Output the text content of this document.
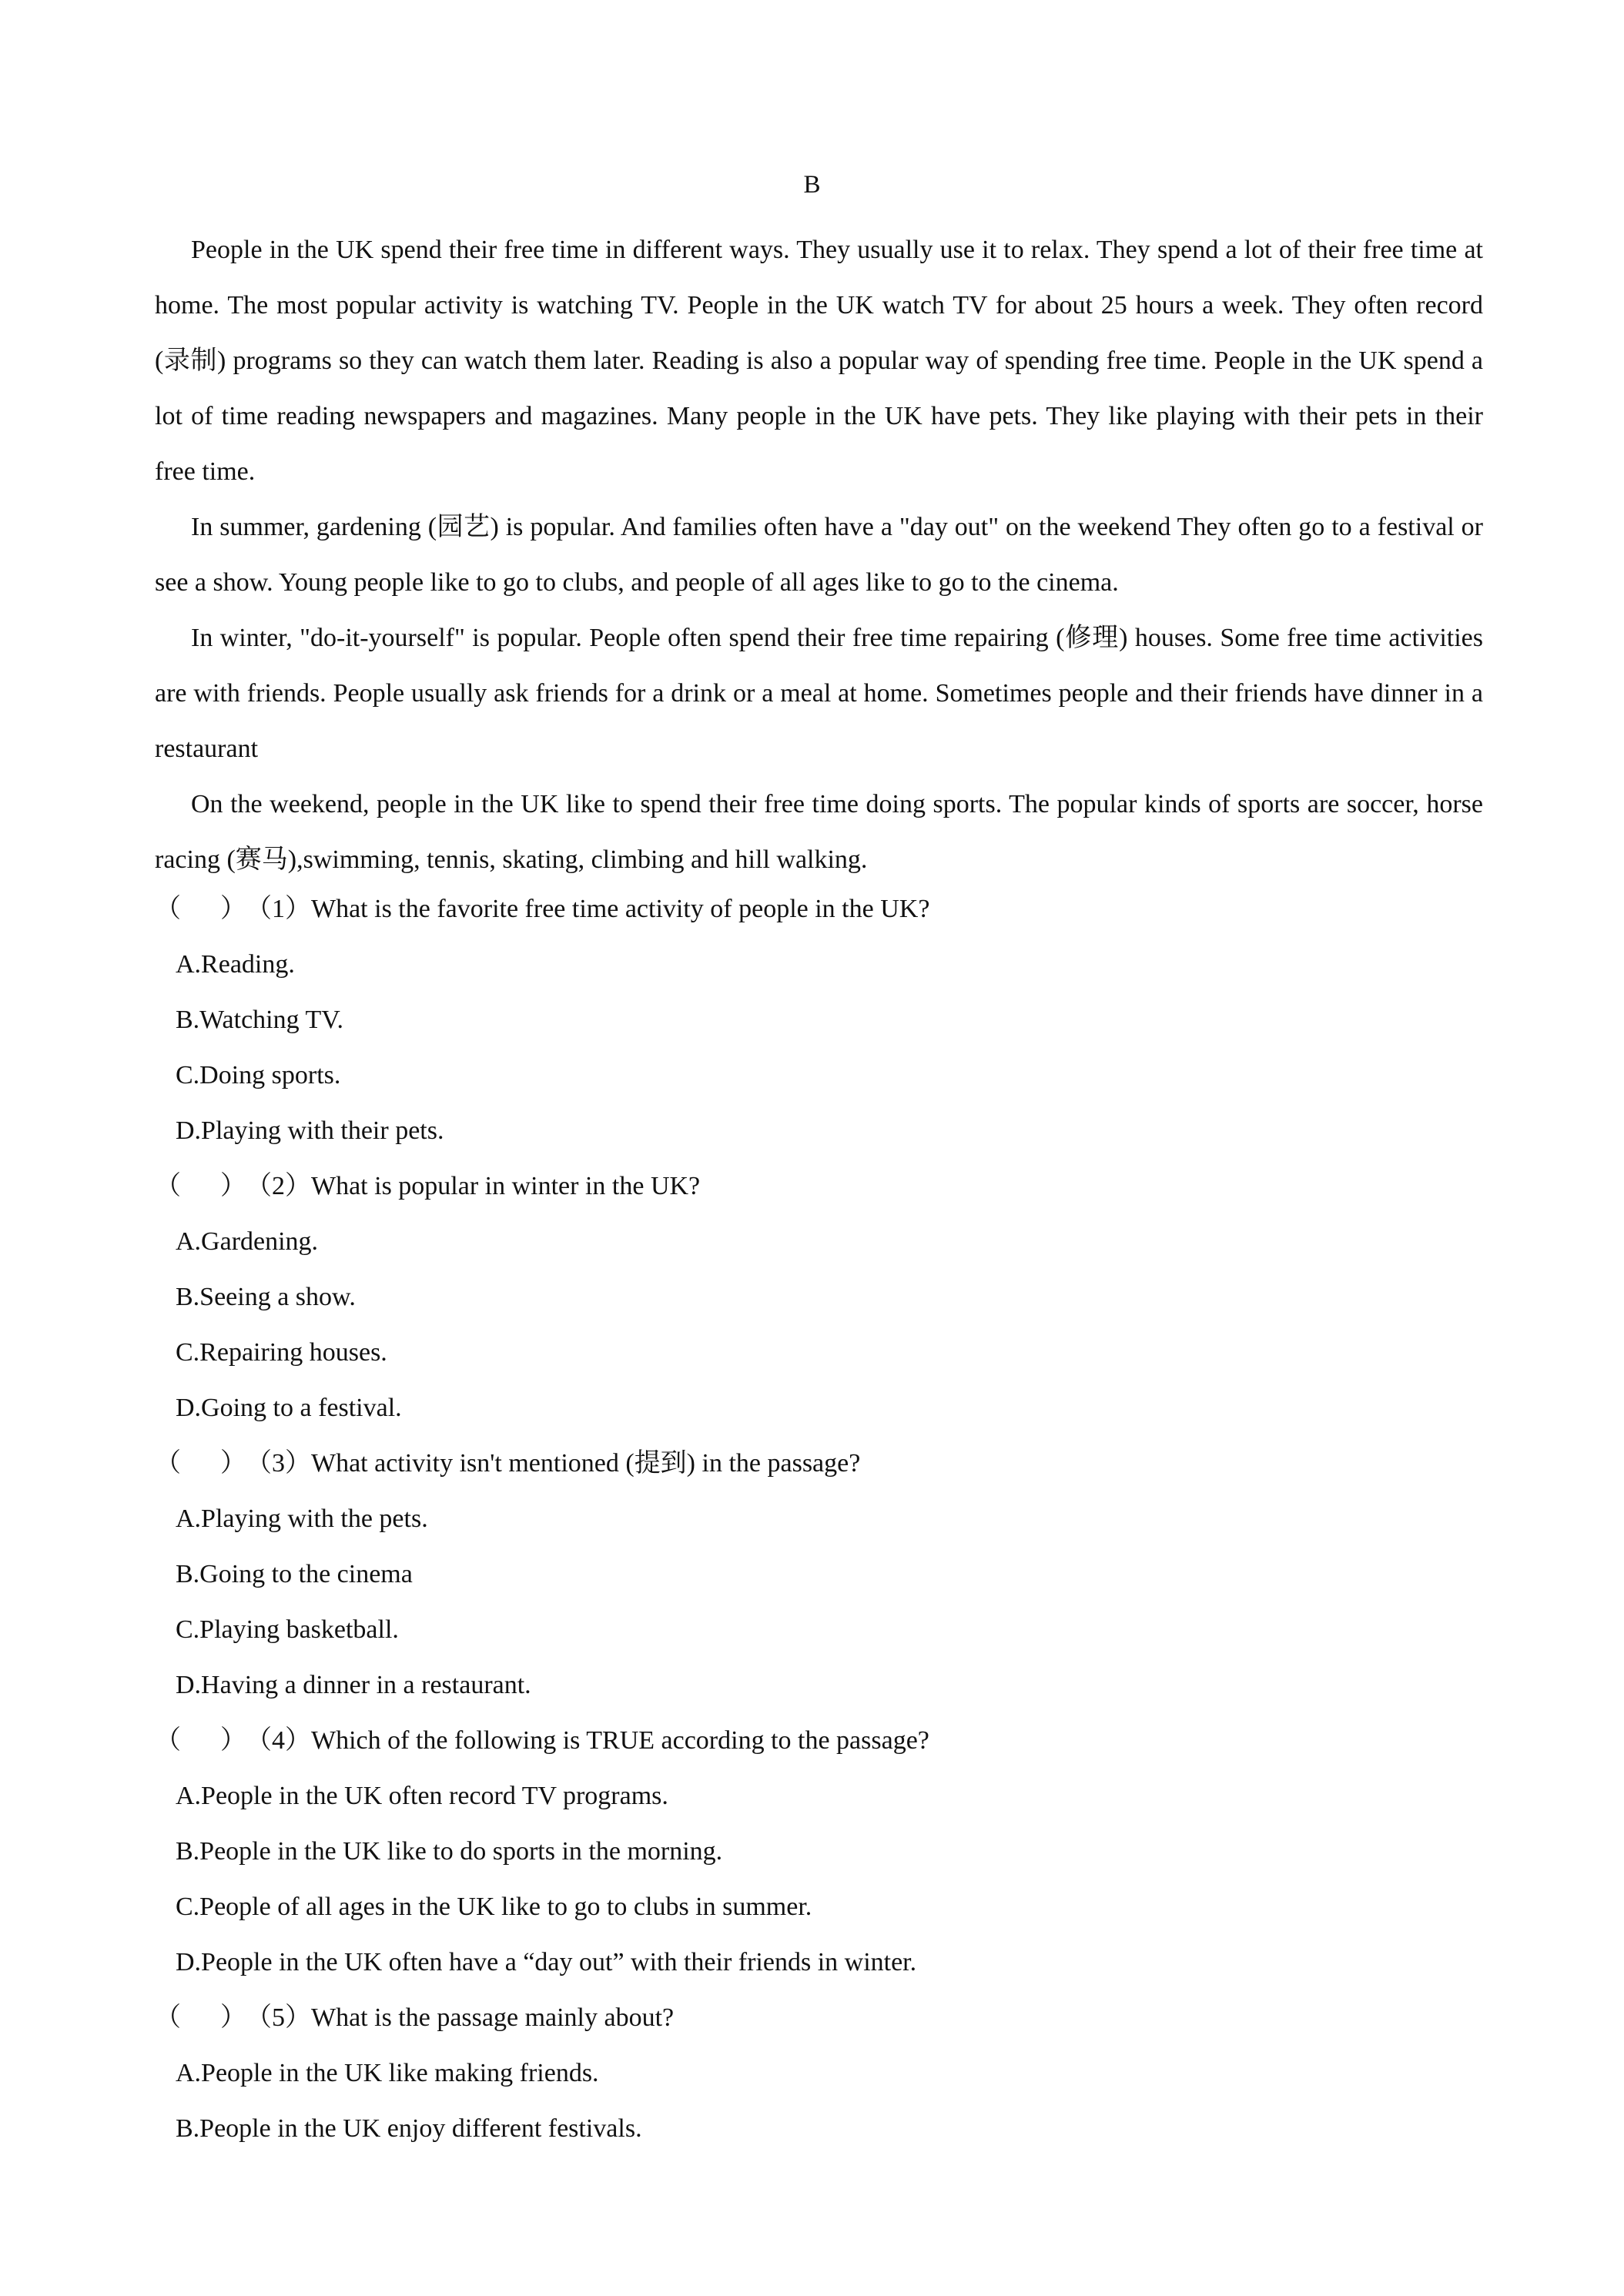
B

People in the UK spend their free time in different ways. They usually use it to relax. They spend a lot of their free time at home. The most popular activity is watching TV. People in the UK watch TV for about 25 hours a week. They often record (录制) programs so they can watch them later. Reading is also a popular way of spending free time. People in the UK spend a lot of time reading newspapers and magazines. Many people in the UK have pets. They like playing with their pets in their free time.

In summer, gardening (园艺) is popular. And families often have a "day out" on the weekend They often go to a festival or see a show. Young people like to go to clubs, and people of all ages like to go to the cinema.

In winter, "do-it-yourself" is popular. People often spend their free time repairing (修理) houses. Some free time activities are with friends. People usually ask friends for a drink or a meal at home. Sometimes people and their friends have dinner in a restaurant

On the weekend, people in the UK like to spend their free time doing sports. The popular kinds of sports are soccer, horse racing (赛马),swimming, tennis, skating, climbing and hill walking.

（ ）（1）What is the favorite free time activity of people in the UK?

A.Reading.

B.Watching TV.

C.Doing sports.

D.Playing with their pets.

（ ）（2）What is popular in winter in the UK?

A.Gardening.

B.Seeing a show.

C.Repairing houses.

D.Going to a festival.

（ ）（3）What activity isn't mentioned (提到) in the passage?

A.Playing with the pets.

B.Going to the cinema

C.Playing basketball.

D.Having a dinner in a restaurant.

（ ）（4）Which of the following is TRUE according to the passage?

A.People in the UK often record TV programs.

B.People in the UK like to do sports in the morning.

C.People of all ages in the UK like to go to clubs in summer.

D.People in the UK often have a “day out” with their friends in winter.

（ ）（5）What is the passage mainly about?

A.People in the UK like making friends.

B.People in the UK enjoy different festivals.
